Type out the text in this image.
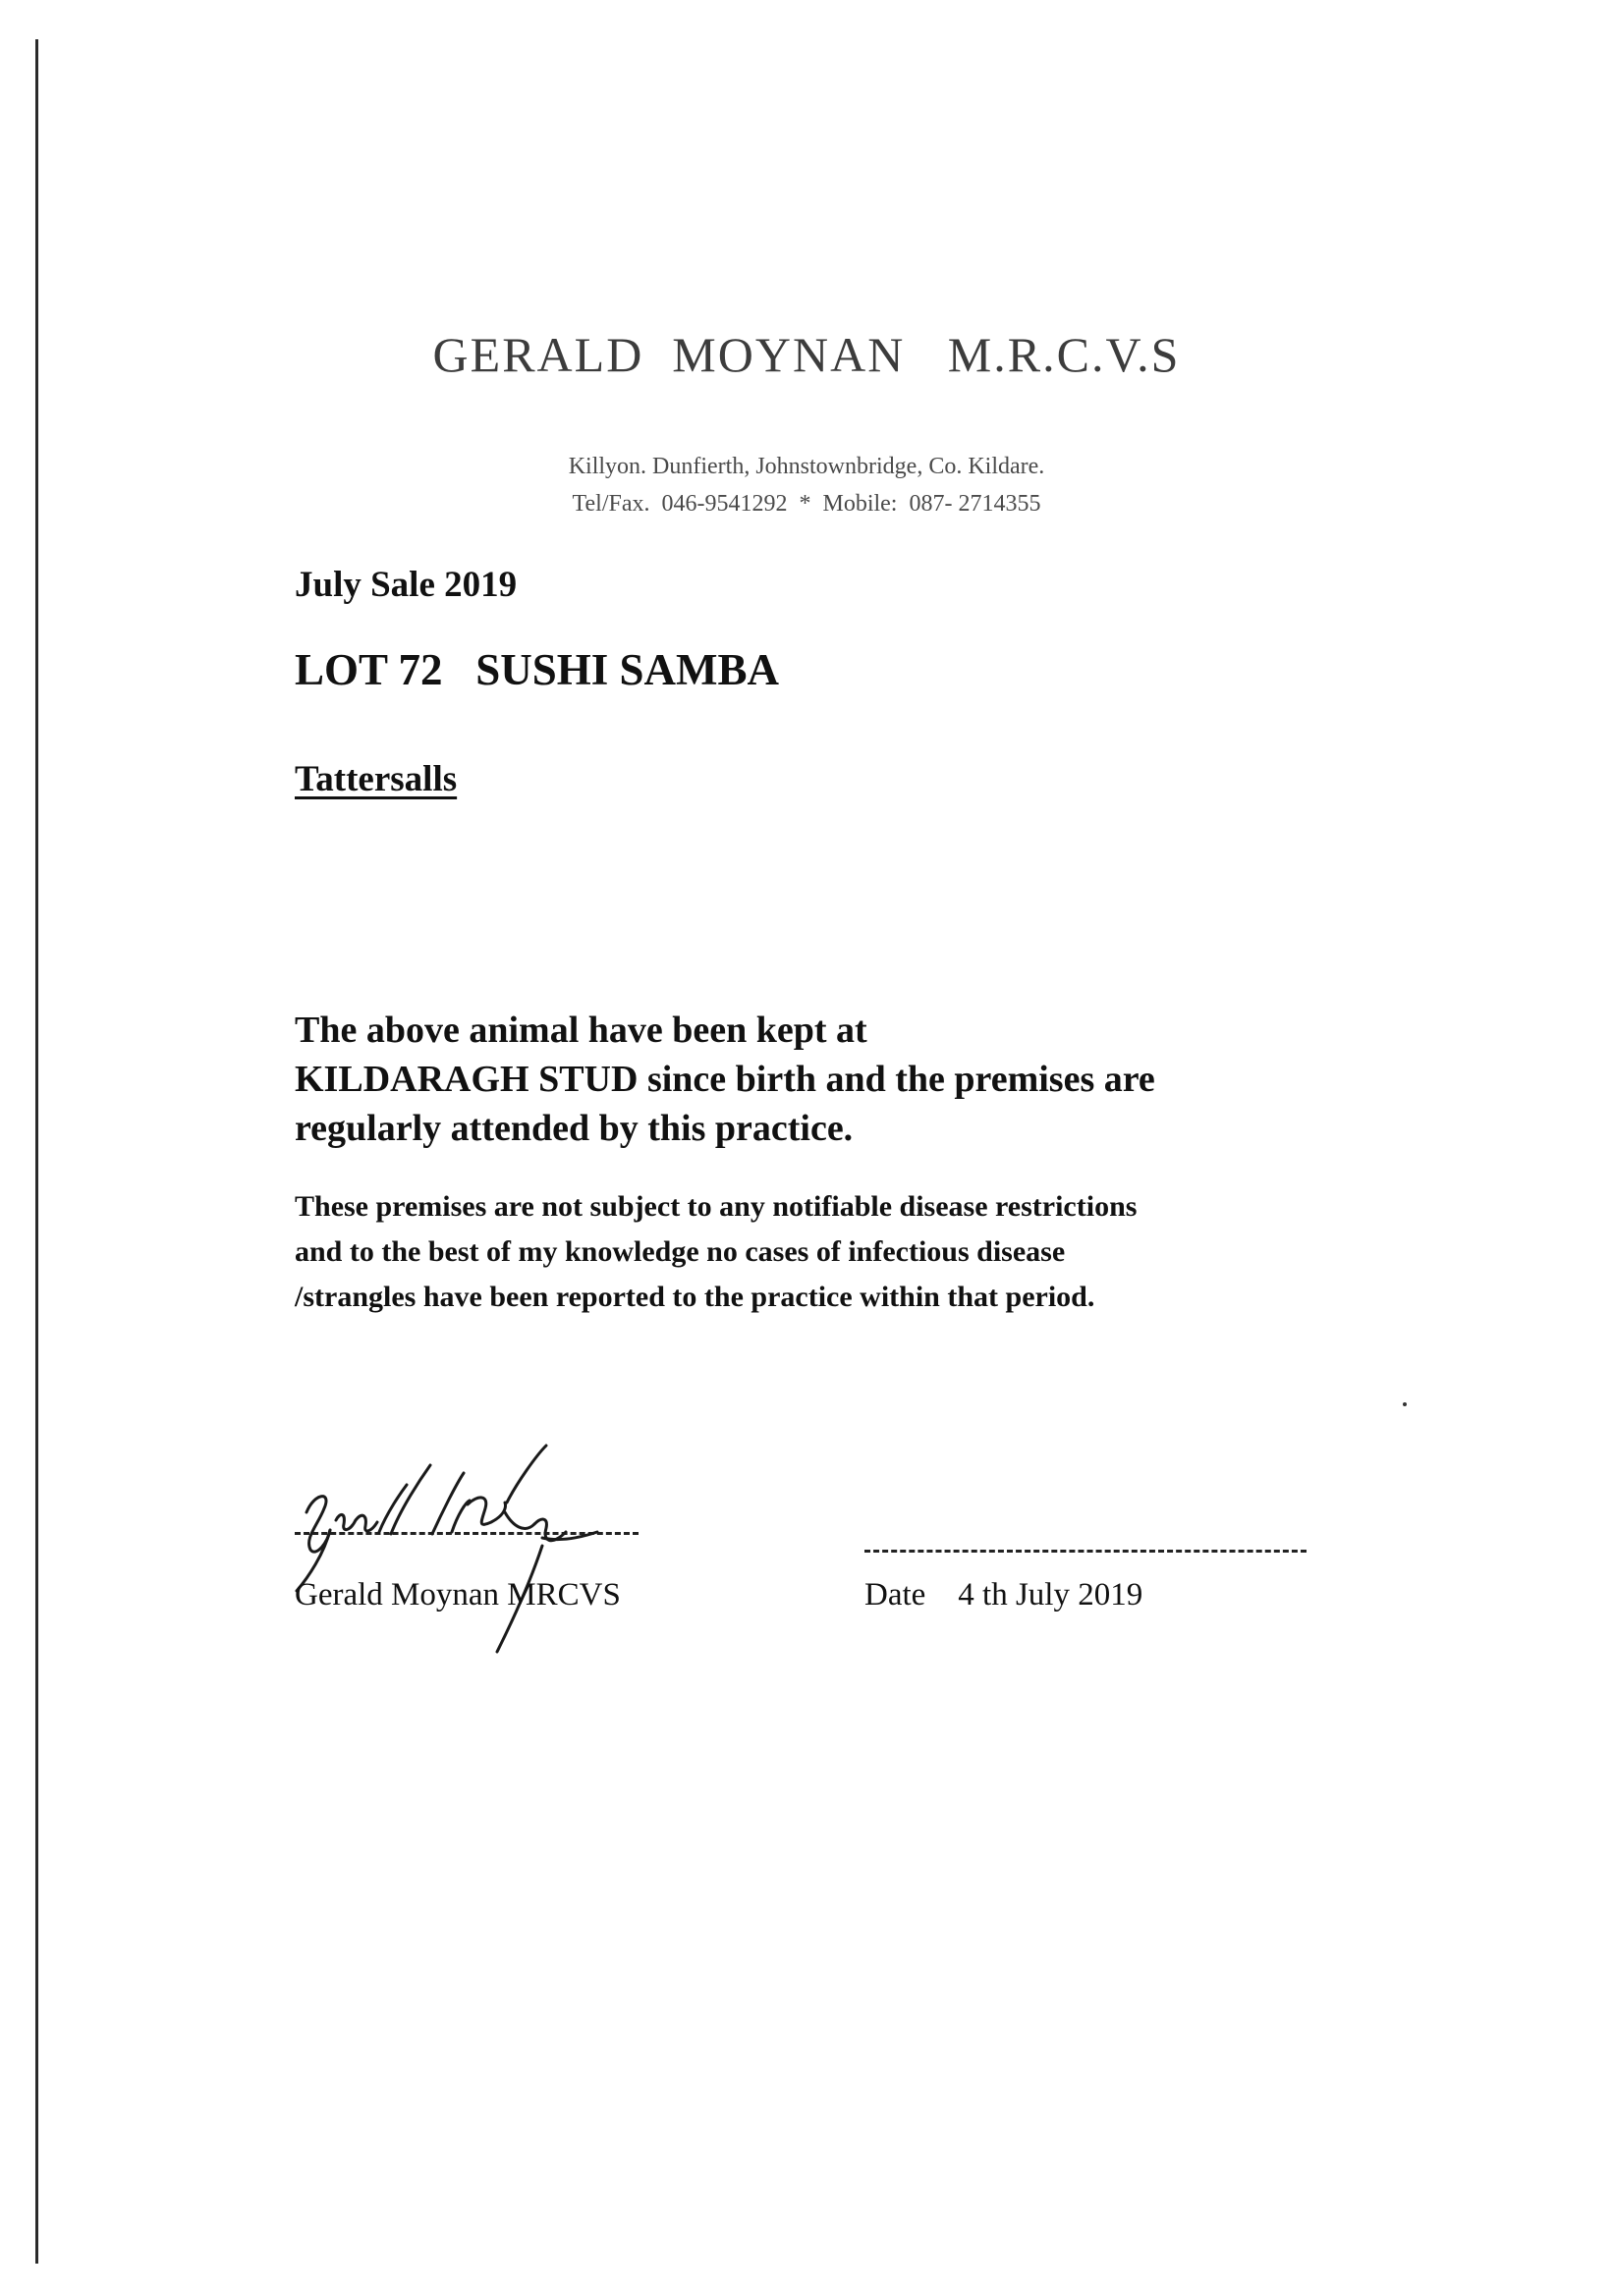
GERALD  MOYNAN   M.R.C.V.S
Killyon. Dunfierth, Johnstownbridge, Co. Kildare.
Tel/Fax.  046-9541292  *  Mobile:  087- 2714355
July Sale 2019
LOT 72   SUSHI SAMBA
Tattersalls
The above animal have been kept at
KILDARAGH STUD since birth and the premises are
regularly attended by this practice.
These premises are not subject to any notifiable disease restrictions
and to the best of my knowledge no cases of infectious disease
/strangles have been reported to the practice within that period.
Gerald Moynan MRCVS	Date 4 th July 2019
